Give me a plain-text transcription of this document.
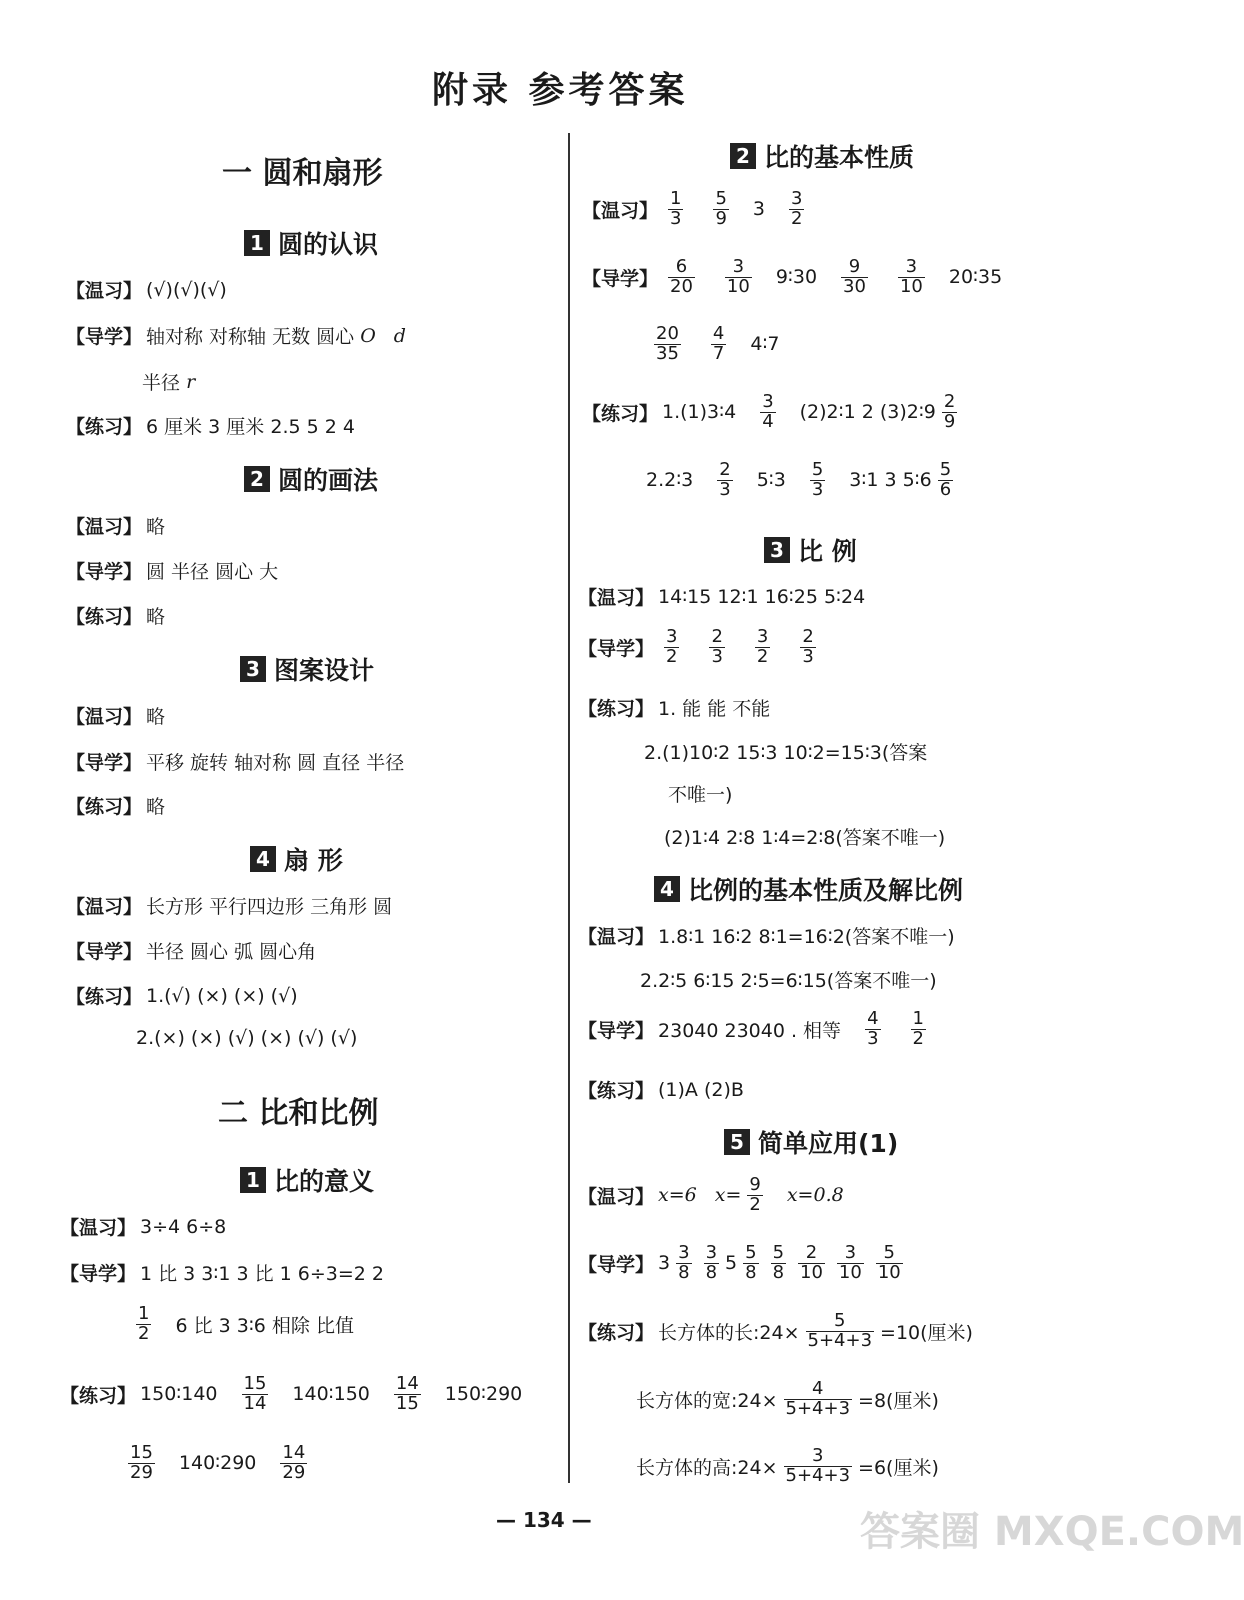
附录 参考答案
一 圆和扇形
1 圆的认识
【温习】 (√)(√)(√)
【导学】 轴对称 对称轴 无数 圆心
O d
半径
r
【练习】 6 厘米 3 厘米 2.5 5 2 4
2 圆的画法
【温习】 略
【导学】 圆 半径 圆心 大
【练习】 略
3 图案设计
【温习】 略
【导学】 平移 旋转 轴对称 圆 直径 半径
【练习】 略
4 扇 形
【温习】 长方形 平行四边形 三角形 圆
【导学】 半径 圆心 弧 圆心角
【练习】 1.(√) (×) (×) (√)
2.(×) (×) (√) (×) (√) (√)
二 比和比例
1 比的意义
【温习】 3÷4 6÷8
【导学】 1 比 3 3∶1 3 比 1 6÷3=2 2
$\frac{1}{2} 6$ 比 3 3∶6 相除 比值
【练习】 150∶140 $\frac{15}{14}$ 140∶150 $\frac{14}{15}$ 150∶290
$\frac{15}{29}$ 140∶290 $\frac{14}{29}$
2 比的基本性质
【温习】 $\frac{1}{3} \frac{5}{9} 3 \frac{3}{2}$
【导学】 $\frac{6}{20} \frac{3}{10}$ 9∶30 $\frac{9}{30} \frac{3}{10}$ 20∶35
$\frac{20}{35} \frac{4}{7}$ 4∶7
【练习】 1.(1)3∶4 $\frac{3}{4}$ (2)2∶1 2 (3)2∶9 $\frac{2}{9}$
2.2∶3 $\frac{2}{3}$ 5∶3 $\frac{5}{3}$ 3∶1 3 5∶6 $\frac{5}{6}$
3 比 例
【温习】 14∶15 12∶1 16∶25 5∶24
【导学】 $\frac{3}{2} \frac{2}{3} \frac{3}{2} \frac{2}{3}$
【练习】 1. 能 能 不能
2.(1)10∶2 15∶3 10∶2=15∶3(答案
不唯一)
(2)1∶4 2∶8 1∶4=2∶8(答案不唯一)
4 比例的基本性质及解比例
【温习】 1.8∶1 16∶2 8∶1=16∶2(答案不唯一)
2.2∶5 6∶15 2∶5=6∶15(答案不唯一)
【导学】 23040 23040 . 相等 $\frac{4}{3} \frac{1}{2}$
【练习】 (1)A (2)B
5 简单应用(1)
【温习】 x=6 $x= \frac{9}{2} x=0.8$
【导学】 $3 \frac{3}{8} \frac{3}{8} 5 \frac{5}{8} \frac{5}{8} \frac{2}{10} \frac{3}{10} \frac{5}{10}$
【练习】 长方体的长:24× $\frac{5}{5+4+3} =10$(厘米)
长方体的宽:24× $\frac{4}{5+4+3} =8$(厘米)
长方体的高:24× $\frac{3}{5+4+3} =6$(厘米)
— 134 —	答案圈 MXQE.COM
